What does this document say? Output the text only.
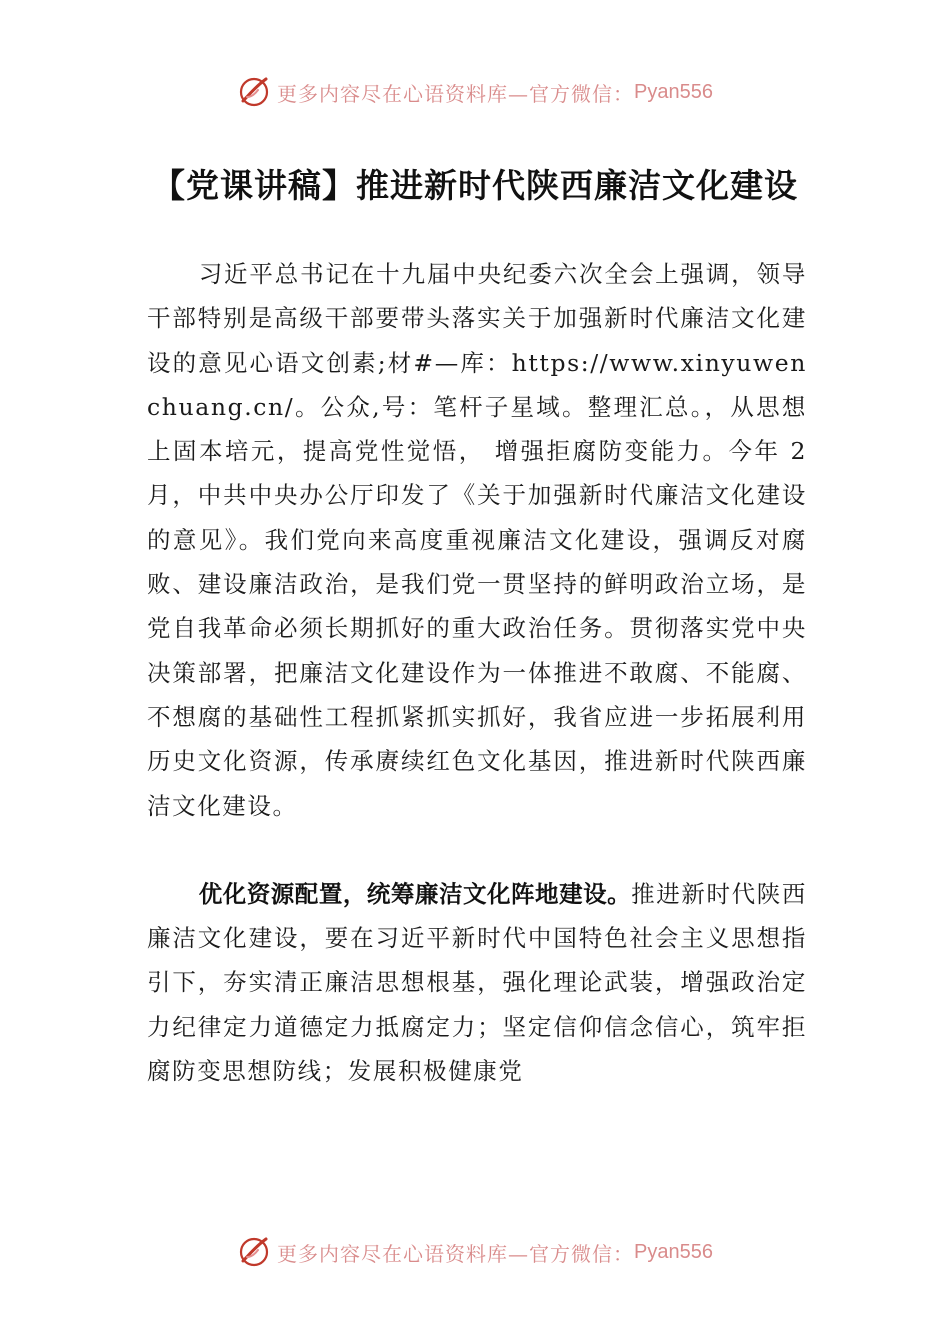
更多内容尽在心语资料库—官方微信： Pyan556
【党课讲稿】推进新时代陕西廉洁文化建设

习近平总书记在十九届中央纪委六次全会上强调，领导干部特别是高级干部要带头落实关于加强新时代廉洁文化建设的意见心语文创素;材#—库：https://www.xinyuwenchuang.cn/。公众,号：笔杆子星域。整理汇总。，从思想上固本培元，提高党性觉悟， 增强拒腐防变能力。今年 2 月，中共中央办公厅印发了《关于加强新时代廉洁文化建设的意见》。我们党向来高度重视廉洁文化建设，强调反对腐败、建设廉洁政治，是我们党一贯坚持的鲜明政治立场，是党自我革命必须长期抓好的重大政治任务。贯彻落实党中央决策部署，把廉洁文化建设作为一体推进不敢腐、不能腐、不想腐的基础性工程抓紧抓实抓好，我省应进一步拓展利用历史文化资源，传承赓续红色文化基因，推进新时代陕西廉洁文化建设。

优化资源配置，统筹廉洁文化阵地建设。推进新时代陕西廉洁文化建设，要在习近平新时代中国特色社会主义思想指引下，夯实清正廉洁思想根基，强化理论武装，增强政治定力纪律定力道德定力抵腐定力；坚定信仰信念信心，筑牢拒腐防变思想防线；发展积极健康党

更多内容尽在心语资料库—官方微信： Pyan556
